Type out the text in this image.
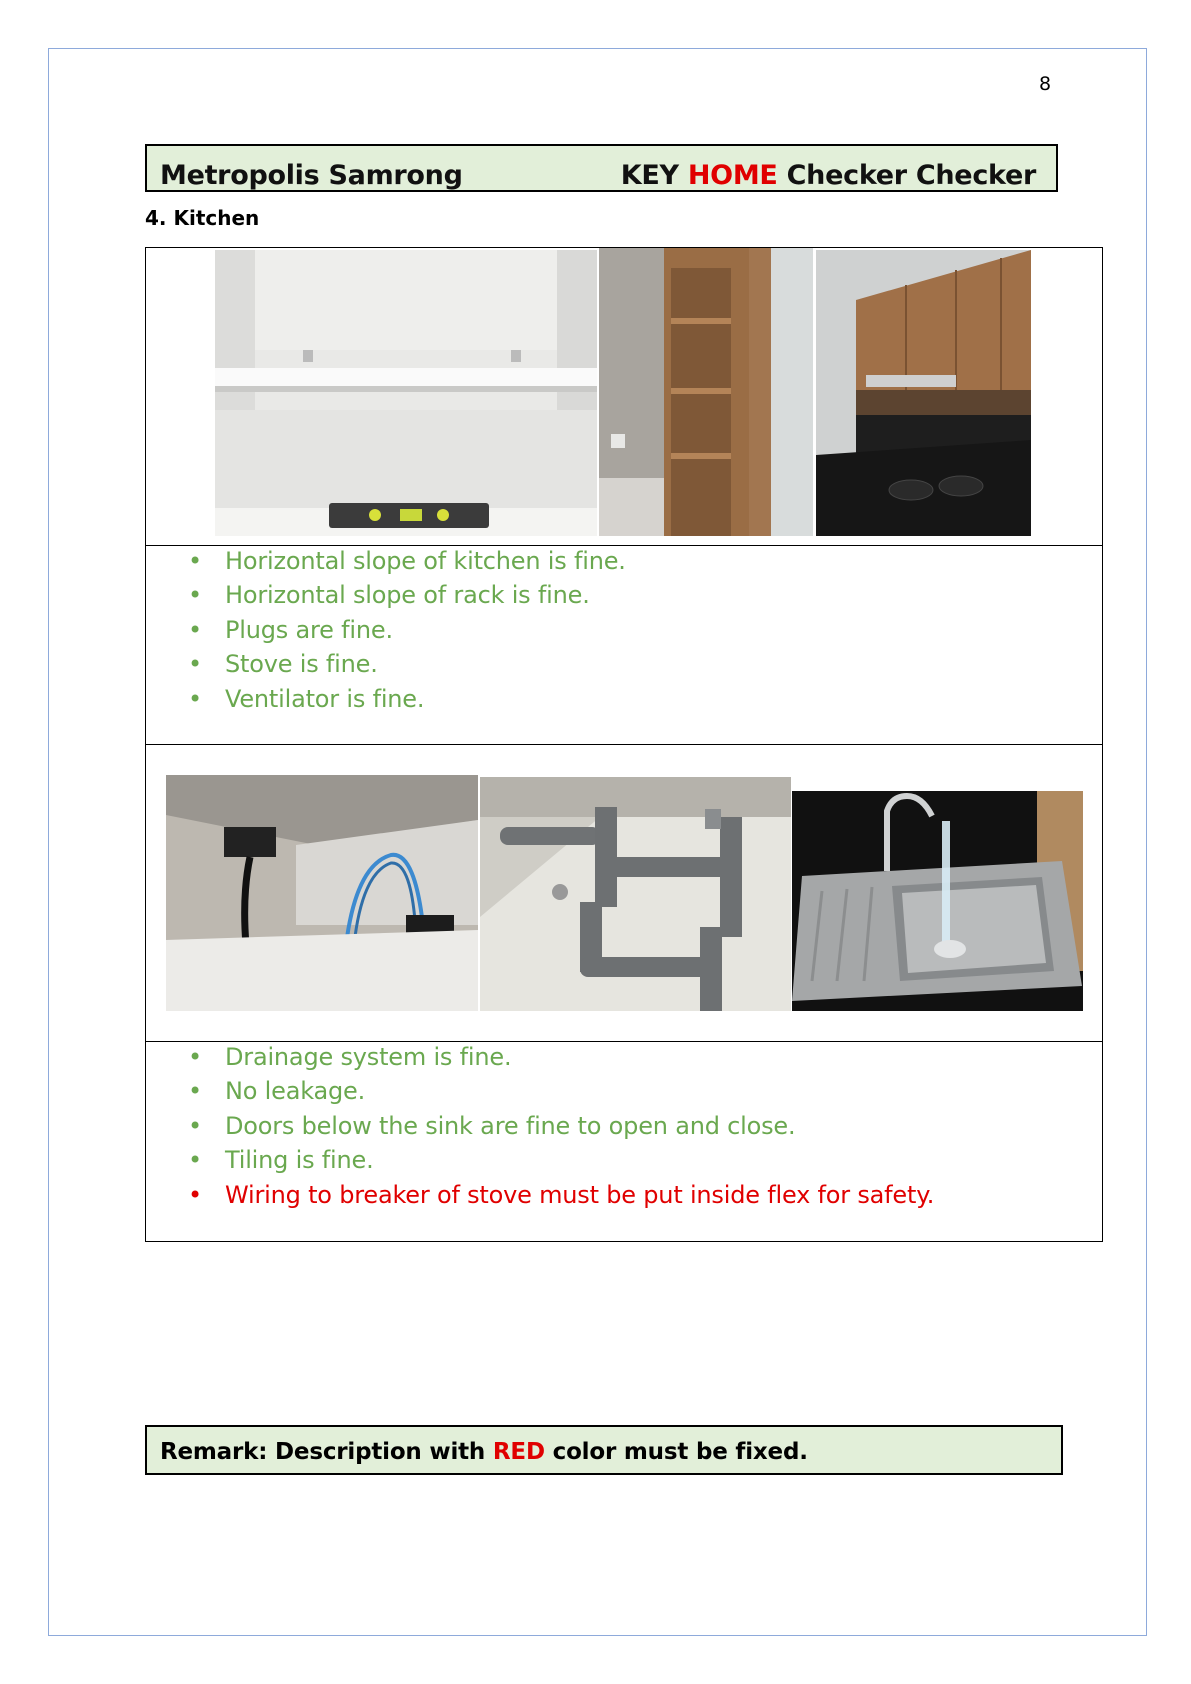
8
Metropolis Samrong	KEY HOME Checker Checker
4. Kitchen
• Horizontal slope of kitchen is fine.
• Horizontal slope of rack is fine.
• Plugs are fine.
• Stove is fine.
• Ventilator is fine.
• Drainage system is fine.
• No leakage.
• Doors below the sink are fine to open and close.
• Tiling is fine.
• Wiring to breaker of stove must be put inside flex for safety.
Remark: Description with RED color must be fixed.
